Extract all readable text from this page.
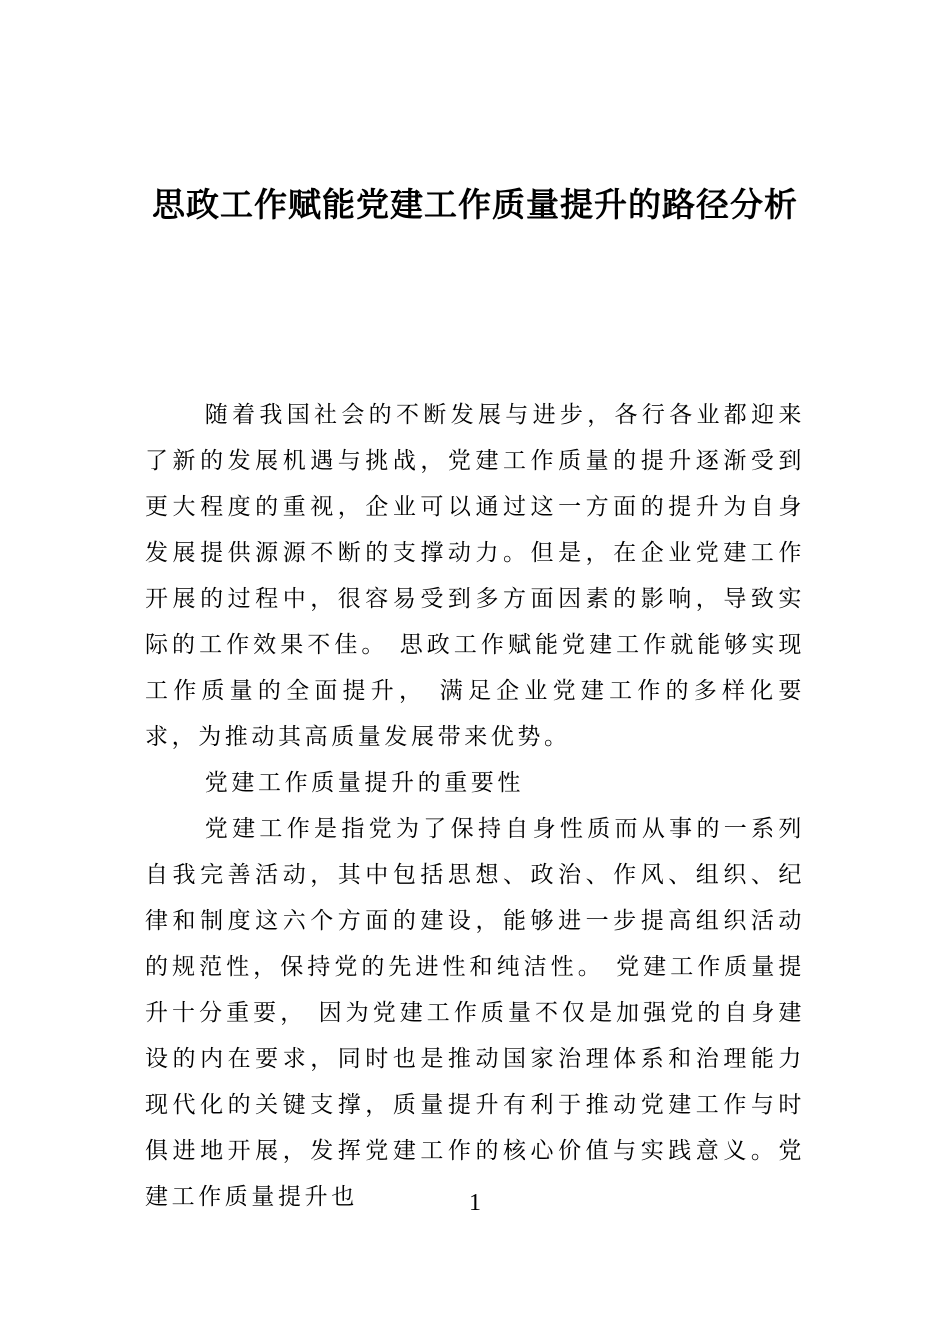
思政工作赋能党建工作质量提升的路径分析

随着我国社会的不断发展与进步，各行各业都迎来了新的发展机遇与挑战，党建工作质量的提升逐渐受到更大程度的重视，企业可以通过这一方面的提升为自身发展提供源源不断的支撑动力。但是，在企业党建工作开展的过程中，很容易受到多方面因素的影响，导致实际的工作效果不佳。 思政工作赋能党建工作就能够实现工作质量的全面提升， 满足企业党建工作的多样化要求，为推动其高质量发展带来优势。

党建工作质量提升的重要性

党建工作是指党为了保持自身性质而从事的一系列自我完善活动，其中包括思想、政治、作风、组织、纪律和制度这六个方面的建设，能够进一步提高组织活动的规范性，保持党的先进性和纯洁性。 党建工作质量提升十分重要， 因为党建工作质量不仅是加强党的自身建设的内在要求，同时也是推动国家治理体系和治理能力现代化的关键支撑，质量提升有利于推动党建工作与时俱进地开展，发挥党建工作的核心价值与实践意义。党建工作质量提升也	1
